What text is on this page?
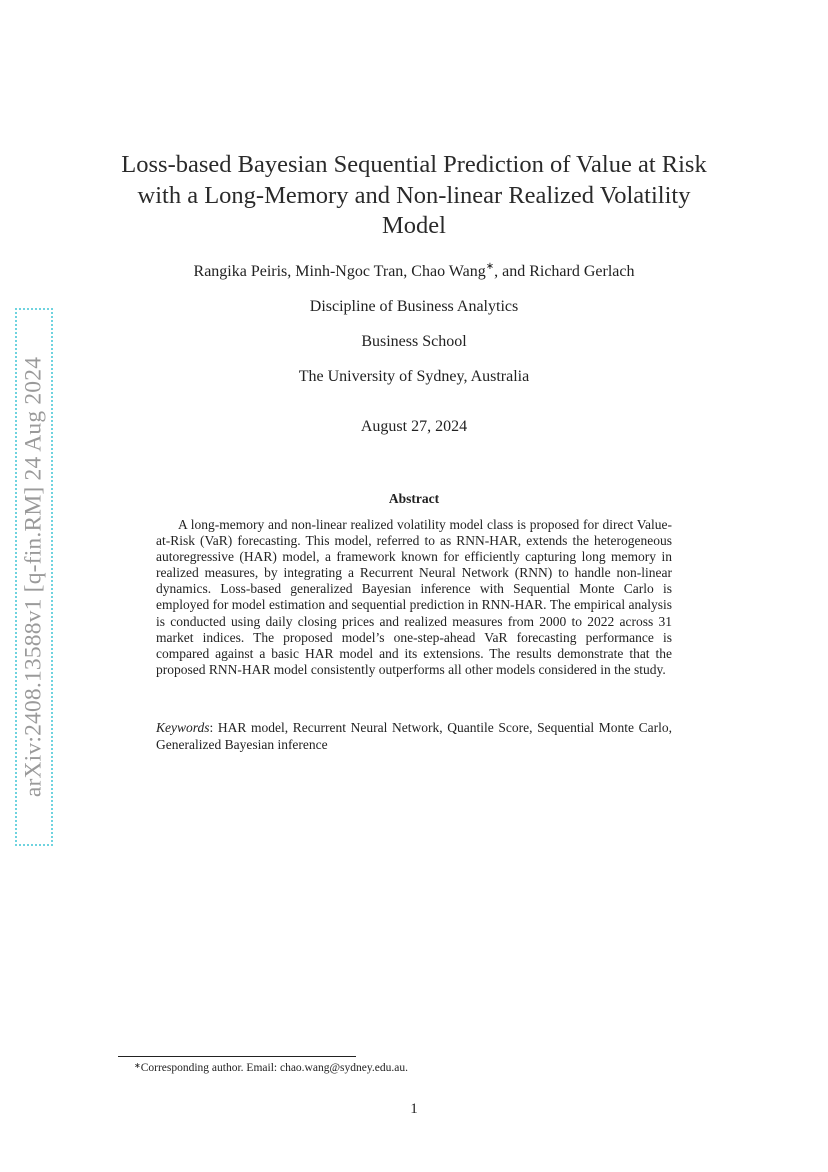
arXiv:2408.13588v1 [q-fin.RM] 24 Aug 2024
Loss-based Bayesian Sequential Prediction of Value at Risk
with a Long-Memory and Non-linear Realized Volatility
Model
Rangika Peiris, Minh-Ngoc Tran, Chao Wang∗, and Richard Gerlach
Discipline of Business Analytics
Business School
The University of Sydney, Australia
August 27, 2024
Abstract

A long-memory and non-linear realized volatility model class is proposed for direct Value-at-Risk (VaR) forecasting. This model, referred to as RNN-HAR, extends the heterogeneous autoregressive (HAR) model, a framework known for efficiently capturing long memory in realized measures, by integrating a Recurrent Neural Network (RNN) to handle non-linear dynamics. Loss-based generalized Bayesian inference with Sequential Monte Carlo is employed for model estimation and sequential prediction in RNN-HAR. The empirical analysis is conducted using daily closing prices and realized measures from 2000 to 2022 across 31 market indices. The proposed model’s one-step-ahead VaR forecasting performance is compared against a basic HAR model and its extensions. The results demonstrate that the proposed RNN-HAR model consistently outperforms all other models considered in the study.

Keywords: HAR model, Recurrent Neural Network, Quantile Score, Sequential Monte Carlo, Generalized Bayesian inference
∗Corresponding author. Email: chao.wang@sydney.edu.au.
1
